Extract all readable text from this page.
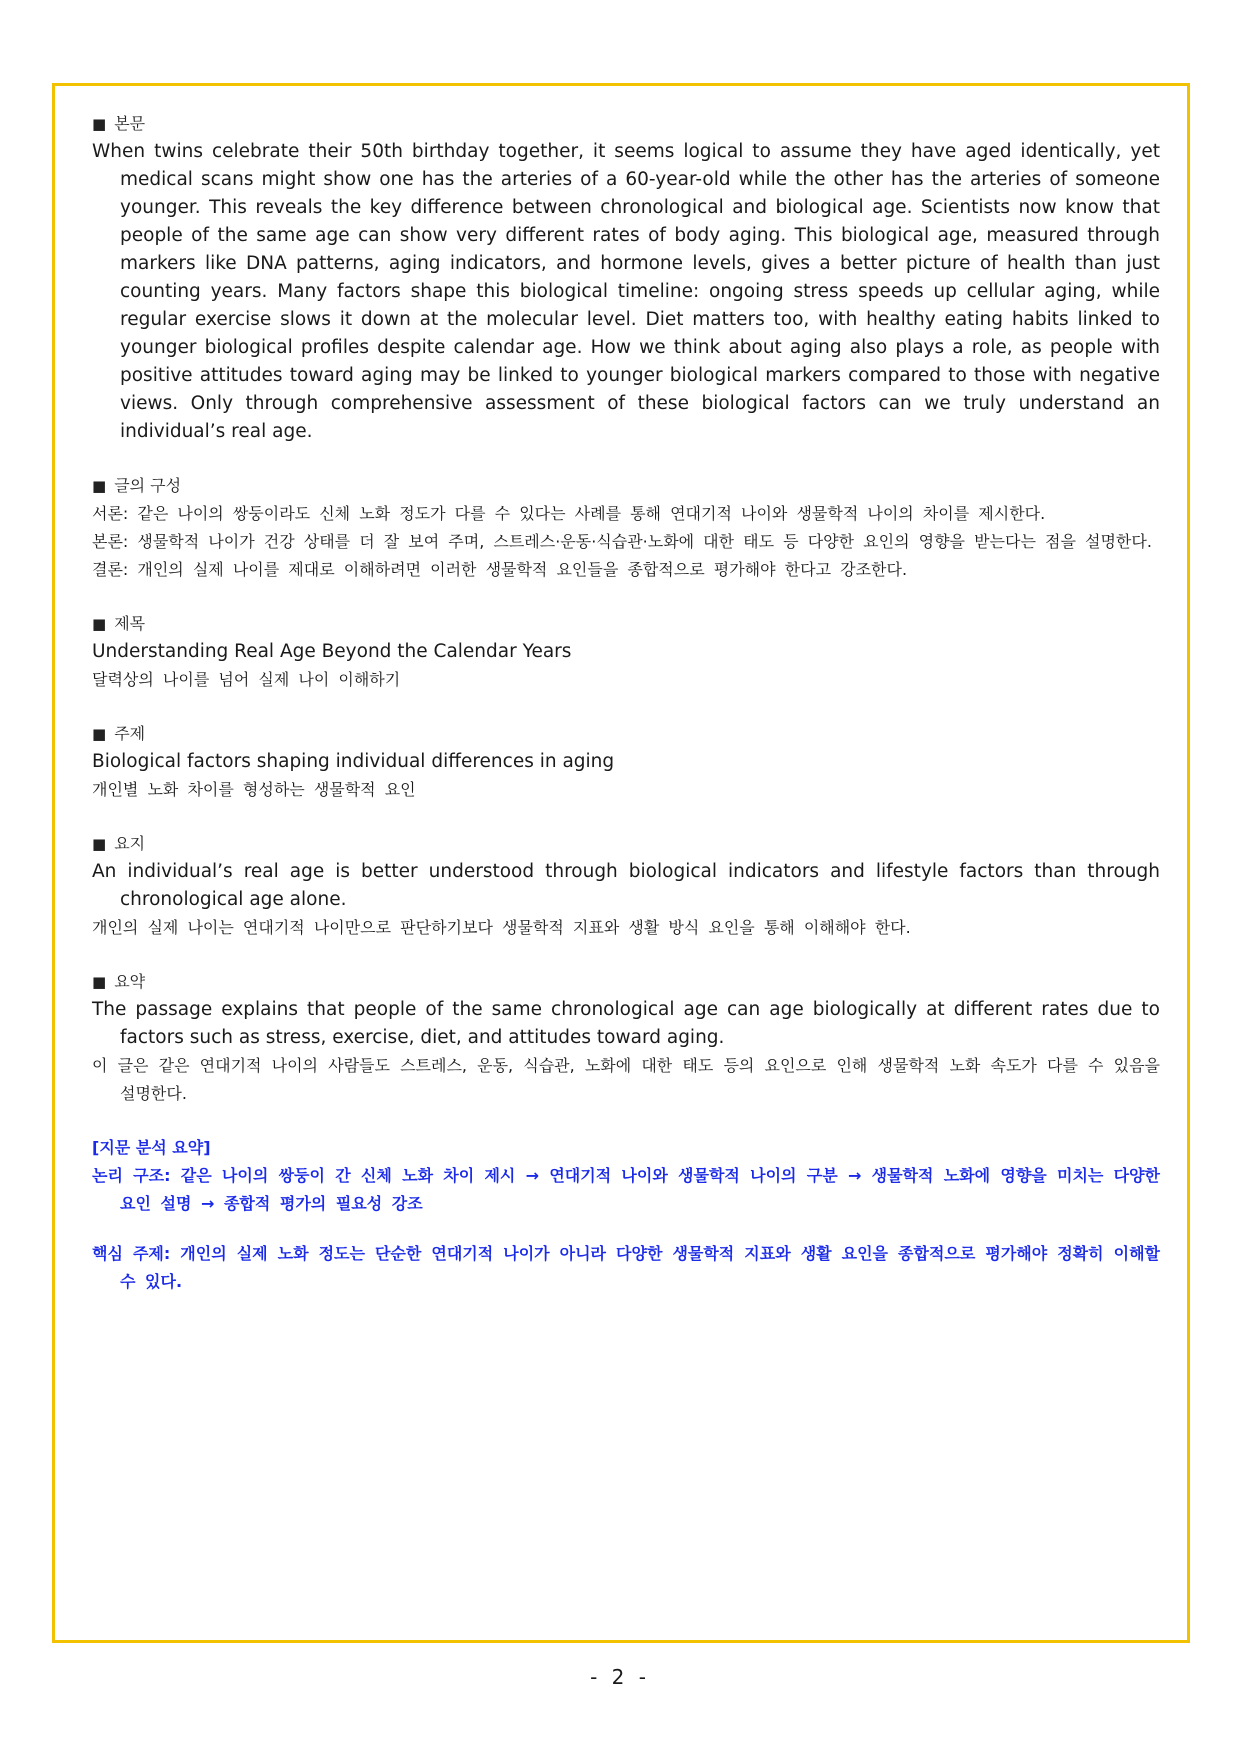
■ 본문
When twins celebrate their 50th birthday together, it seems logical to assume they have aged identically, yet medical scans might show one has the arteries of a 60-year-old while the other has the arteries of someone younger. This reveals the key difference between chronological and biological age. Scientists now know that people of the same age can show very different rates of body aging. This biological age, measured through markers like DNA patterns, aging indicators, and hormone levels, gives a better picture of health than just counting years. Many factors shape this biological timeline: ongoing stress speeds up cellular aging, while regular exercise slows it down at the molecular level. Diet matters too, with healthy eating habits linked to younger biological profiles despite calendar age. How we think about aging also plays a role, as people with positive attitudes toward aging may be linked to younger biological markers compared to those with negative views. Only through comprehensive assessment of these biological factors can we truly understand an individual’s real age.
■ 글의 구성
서론: 같은 나이의 쌍둥이라도 신체 노화 정도가 다를 수 있다는 사례를 통해 연대기적 나이와 생물학적 나이의 차이를 제시한다.
본론: 생물학적 나이가 건강 상태를 더 잘 보여 주며, 스트레스·운동·식습관·노화에 대한 태도 등 다양한 요인의 영향을 받는다는 점을 설명한다.
결론: 개인의 실제 나이를 제대로 이해하려면 이러한 생물학적 요인들을 종합적으로 평가해야 한다고 강조한다.
■ 제목
Understanding Real Age Beyond the Calendar Years
달력상의 나이를 넘어 실제 나이 이해하기
■ 주제
Biological factors shaping individual differences in aging
개인별 노화 차이를 형성하는 생물학적 요인
■ 요지
An individual’s real age is better understood through biological indicators and lifestyle factors than through chronological age alone.
개인의 실제 나이는 연대기적 나이만으로 판단하기보다 생물학적 지표와 생활 방식 요인을 통해 이해해야 한다.
■ 요약
The passage explains that people of the same chronological age can age biologically at different rates due to factors such as stress, exercise, diet, and attitudes toward aging.
이 글은 같은 연대기적 나이의 사람들도 스트레스, 운동, 식습관, 노화에 대한 태도 등의 요인으로 인해 생물학적 노화 속도가 다를 수 있음을 설명한다.
[지문 분석 요약]
논리 구조: 같은 나이의 쌍둥이 간 신체 노화 차이 제시 → 연대기적 나이와 생물학적 나이의 구분 → 생물학적 노화에 영향을 미치는 다양한 요인 설명 → 종합적 평가의 필요성 강조
핵심 주제: 개인의 실제 노화 정도는 단순한 연대기적 나이가 아니라 다양한 생물학적 지표와 생활 요인을 종합적으로 평가해야 정확히 이해할 수 있다.
- 2 -
